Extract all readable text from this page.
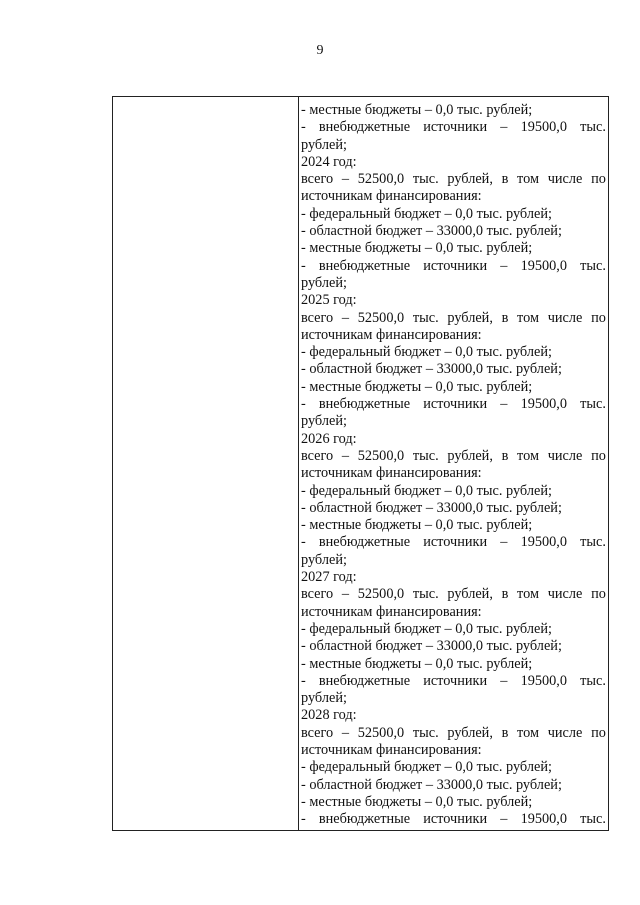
9
- местные бюджеты – 0,0 тыс. рублей;
- внебюджетные источники – 19500,0 тыс.
рублей;
2024 год:
всего – 52500,0 тыс. рублей, в том числе по
источникам финансирования:
- федеральный бюджет – 0,0 тыс. рублей;
- областной бюджет – 33000,0 тыс. рублей;
- местные бюджеты – 0,0 тыс. рублей;
- внебюджетные источники – 19500,0 тыс.
рублей;
2025 год:
всего – 52500,0 тыс. рублей, в том числе по
источникам финансирования:
- федеральный бюджет – 0,0 тыс. рублей;
- областной бюджет – 33000,0 тыс. рублей;
- местные бюджеты – 0,0 тыс. рублей;
- внебюджетные источники – 19500,0 тыс.
рублей;
2026 год:
всего – 52500,0 тыс. рублей, в том числе по
источникам финансирования:
- федеральный бюджет – 0,0 тыс. рублей;
- областной бюджет – 33000,0 тыс. рублей;
- местные бюджеты – 0,0 тыс. рублей;
- внебюджетные источники – 19500,0 тыс.
рублей;
2027 год:
всего – 52500,0 тыс. рублей, в том числе по
источникам финансирования:
- федеральный бюджет – 0,0 тыс. рублей;
- областной бюджет – 33000,0 тыс. рублей;
- местные бюджеты – 0,0 тыс. рублей;
- внебюджетные источники – 19500,0 тыс.
рублей;
2028 год:
всего – 52500,0 тыс. рублей, в том числе по
источникам финансирования:
- федеральный бюджет – 0,0 тыс. рублей;
- областной бюджет – 33000,0 тыс. рублей;
- местные бюджеты – 0,0 тыс. рублей;
- внебюджетные источники – 19500,0 тыс.
